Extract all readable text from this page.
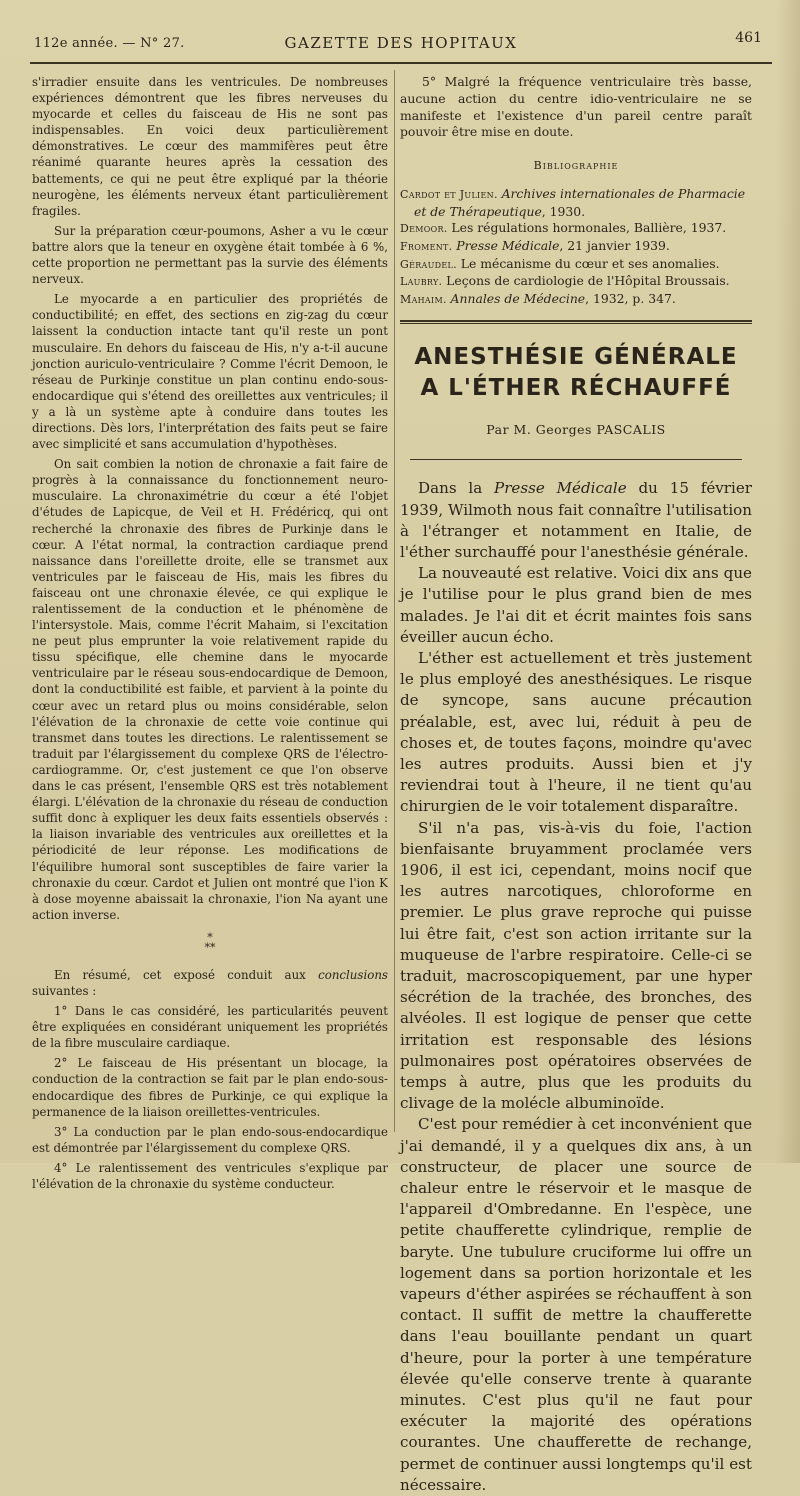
112e année. — N° 27.	GAZETTE DES HOPITAUX	461

s'irradier ensuite dans les ventricules. De nombreuses expériences démontrent que les fibres nerveuses du myocarde et celles du faisceau de His ne sont pas indispensables. En voici deux particulièrement démonstratives. Le cœur des mammifères peut être réanimé quarante heures après la cessation des battements, ce qui ne peut être expliqué par la théorie neurogène, les éléments nerveux étant particulièrement fragiles.

Sur la préparation cœur-poumons, Asher a vu le cœur battre alors que la teneur en oxygène était tombée à 6 %, cette proportion ne permettant pas la survie des éléments nerveux.

Le myocarde a en particulier des propriétés de conductibilité; en effet, des sections en zig-zag du cœur laissent la conduction intacte tant qu'il reste un pont musculaire. En dehors du faisceau de His, n'y a-t-il aucune jonction auriculo-ventriculaire ? Comme l'écrit Demoon, le réseau de Purkinje constitue un plan continu endo-sous-endocardique qui s'étend des oreillettes aux ventricules; il y a là un système apte à conduire dans toutes les directions. Dès lors, l'interprétation des faits peut se faire avec simplicité et sans accumulation d'hypothèses.

On sait combien la notion de chronaxie a fait faire de progrès à la connaissance du fonctionnement neuro-musculaire. La chronaximétrie du cœur a été l'objet d'études de Lapicque, de Veil et H. Frédéricq, qui ont recherché la chronaxie des fibres de Purkinje dans le cœur. A l'état normal, la contraction cardiaque prend naissance dans l'oreillette droite, elle se transmet aux ventricules par le faisceau de His, mais les fibres du faisceau ont une chronaxie élevée, ce qui explique le ralentissement de la conduction et le phénomène de l'intersystole. Mais, comme l'écrit Mahaim, si l'excitation ne peut plus emprunter la voie relativement rapide du tissu spécifique, elle chemine dans le myocarde ventriculaire par le réseau sous-endocardique de Demoon, dont la conductibilité est faible, et parvient à la pointe du cœur avec un retard plus ou moins considérable, selon l'élévation de la chronaxie de cette voie continue qui transmet dans toutes les directions. Le ralentissement se traduit par l'élargissement du complexe QRS de l'électro-cardiogramme. Or, c'est justement ce que l'on observe dans le cas présent, l'ensemble QRS est très notablement élargi. L'élévation de la chronaxie du réseau de conduction suffit donc à expliquer les deux faits essentiels observés : la liaison invariable des ventricules aux oreillettes et la périodicité de leur réponse. Les modifications de l'équilibre humoral sont susceptibles de faire varier la chronaxie du cœur. Cardot et Julien ont montré que l'ion K à dose moyenne abaissait la chronaxie, l'ion Na ayant une action inverse.

*
**

En résumé, cet exposé conduit aux conclusions suivantes :

1° Dans le cas considéré, les particularités peuvent être expliquées en considérant uniquement les propriétés de la fibre musculaire cardiaque.

2° Le faisceau de His présentant un blocage, la conduction de la contraction se fait par le plan endo-sous-endocardique des fibres de Purkinje, ce qui explique la permanence de la liaison oreillettes-ventricules.

3° La conduction par le plan endo-sous-endocardique est démontrée par l'élargissement du complexe QRS.

4° Le ralentissement des ventricules s'explique par l'élévation de la chronaxie du système conducteur.

5° Malgré la fréquence ventriculaire très basse, aucune action du centre idio-ventriculaire ne se manifeste et l'existence d'un pareil centre paraît pouvoir être mise en doute.

Bibliographie

Cardot et Julien. Archives internationales de Pharmacie et de Thérapeutique, 1930.

Demoor. Les régulations hormonales, Ballière, 1937.

Froment. Presse Médicale, 21 janvier 1939.

Géraudel. Le mécanisme du cœur et ses anomalies.

Laubry. Leçons de cardiologie de l'Hôpital Broussais.

Mahaim. Annales de Médecine, 1932, p. 347.

ANESTHÉSIE GÉNÉRALE
A L'ÉTHER RÉCHAUFFÉ
Par M. Georges PASCALIS

Dans la Presse Médicale du 15 février 1939, Wilmoth nous fait connaître l'utilisation à l'étranger et notamment en Italie, de l'éther surchauffé pour l'anesthésie générale.

La nouveauté est relative. Voici dix ans que je l'utilise pour le plus grand bien de mes malades. Je l'ai dit et écrit maintes fois sans éveiller aucun écho.

L'éther est actuellement et très justement le plus employé des anesthésiques. Le risque de syncope, sans aucune précaution préalable, est, avec lui, réduit à peu de choses et, de toutes façons, moindre qu'avec les autres produits. Aussi bien et j'y reviendrai tout à l'heure, il ne tient qu'au chirurgien de le voir totalement disparaître.

S'il n'a pas, vis-à-vis du foie, l'action bienfaisante bruyamment proclamée vers 1906, il est ici, cependant, moins nocif que les autres narcotiques, chloroforme en premier. Le plus grave reproche qui puisse lui être fait, c'est son action irritante sur la muqueuse de l'arbre respiratoire. Celle-ci se traduit, macroscopiquement, par une hyper sécrétion de la trachée, des bronches, des alvéoles. Il est logique de penser que cette irritation est responsable des lésions pulmonaires post opératoires observées de temps à autre, plus que les produits du clivage de la molécle albuminoïde.

C'est pour remédier à cet inconvénient que j'ai demandé, il y a quelques dix ans, à un constructeur, de placer une source de chaleur entre le réservoir et le masque de l'appareil d'Ombredanne. En l'espèce, une petite chaufferette cylindrique, remplie de baryte. Une tubulure cruciforme lui offre un logement dans sa portion horizontale et les vapeurs d'éther aspirées se réchauffent à son contact. Il suffit de mettre la chaufferette dans l'eau bouillante pendant un quart d'heure, pour la porter à une température élevée qu'elle conserve trente à quarante minutes. C'est plus qu'il ne faut pour exécuter la majorité des opérations courantes. Une chaufferette de rechange, permet de continuer aussi longtemps qu'il est nécessaire.
